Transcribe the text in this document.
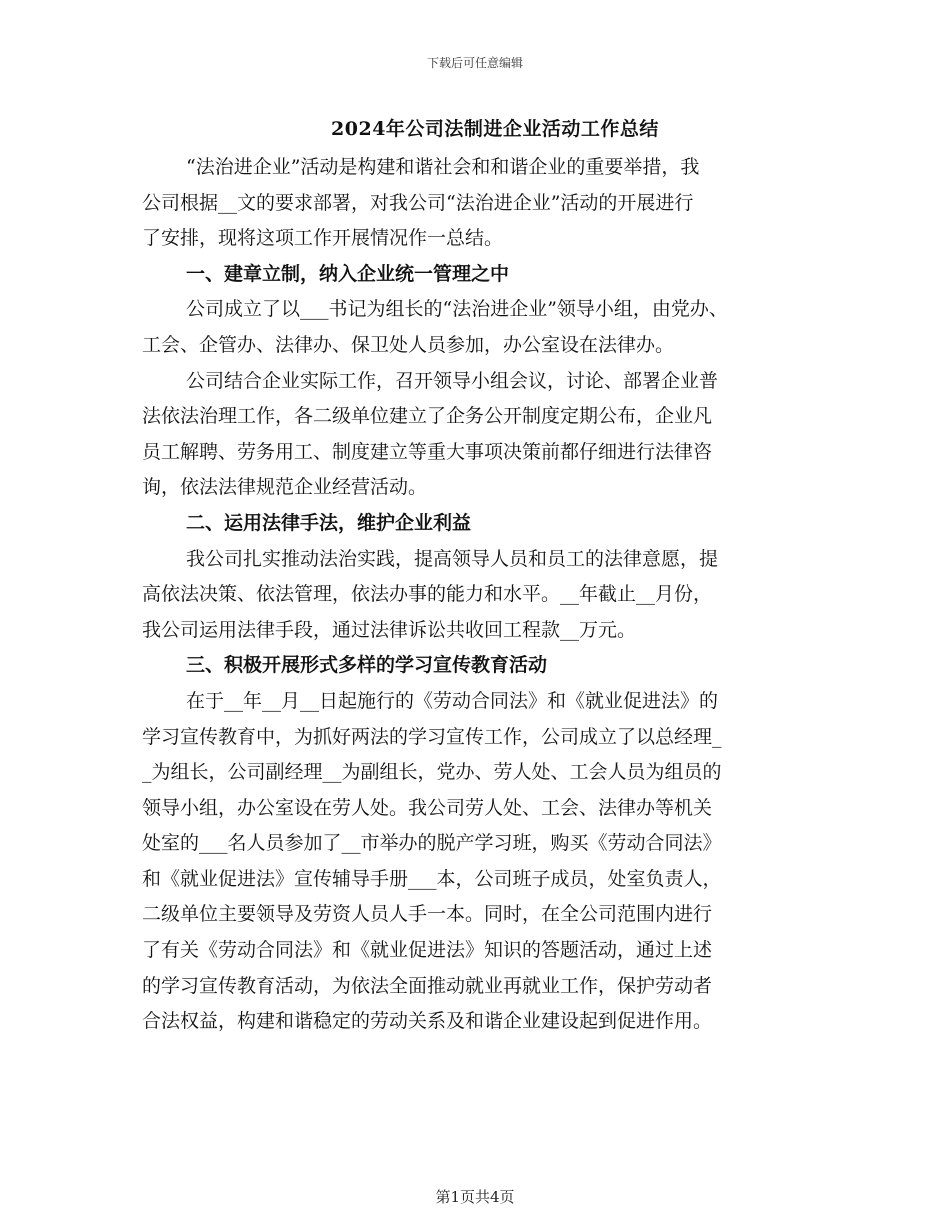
下载后可任意编辑
2024年公司法制进企业活动工作总结
“法治进企业”活动是构建和谐社会和和谐企业的重要举措，我
公司根据__文的要求部署，对我公司“法治进企业”活动的开展进行
了安排，现将这项工作开展情况作一总结。
一、建章立制，纳入企业统一管理之中
公司成立了以___书记为组长的“法治进企业”领导小组，由党办、
工会、企管办、法律办、保卫处人员参加，办公室设在法律办。
公司结合企业实际工作，召开领导小组会议，讨论、部署企业普
法依法治理工作，各二级单位建立了企务公开制度定期公布，企业凡
员工解聘、劳务用工、制度建立等重大事项决策前都仔细进行法律咨
询，依法法律规范企业经营活动。
二、运用法律手法，维护企业利益
我公司扎实推动法治实践，提高领导人员和员工的法律意愿，提
高依法决策、依法管理，依法办事的能力和水平。__年截止__月份，
我公司运用法律手段，通过法律诉讼共收回工程款__万元。
三、积极开展形式多样的学习宣传教育活动
在于__年__月__日起施行的《劳动合同法》和《就业促进法》的
学习宣传教育中，为抓好两法的学习宣传工作，公司成立了以总经理_
_为组长，公司副经理__为副组长，党办、劳人处、工会人员为组员的
领导小组，办公室设在劳人处。我公司劳人处、工会、法律办等机关
处室的___名人员参加了__市举办的脱产学习班，购买《劳动合同法》
和《就业促进法》宣传辅导手册___本，公司班子成员，处室负责人，
二级单位主要领导及劳资人员人手一本。同时，在全公司范围内进行
了有关《劳动合同法》和《就业促进法》知识的答题活动，通过上述
的学习宣传教育活动，为依法全面推动就业再就业工作，保护劳动者
合法权益，构建和谐稳定的劳动关系及和谐企业建设起到促进作用。
第1页共4页
